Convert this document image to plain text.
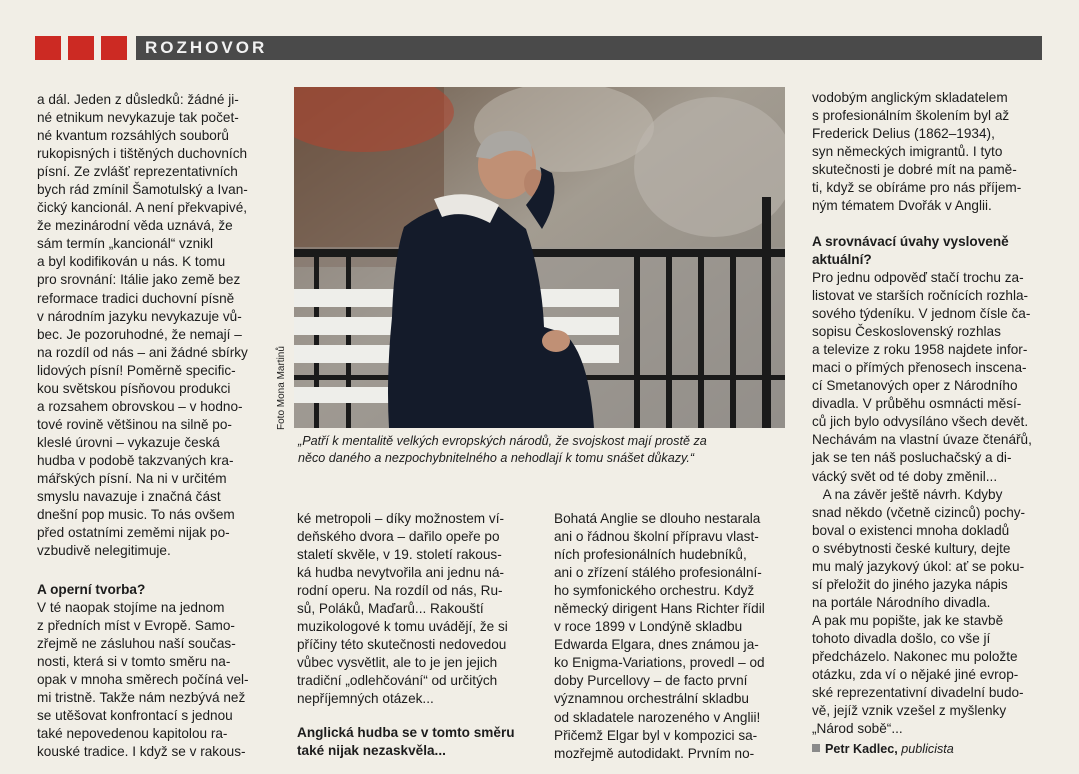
ROZHOVOR
Foto Mona Martinů
„Patří k mentalitě velkých evropských národů, že svojskost mají prostě za
něco daného a nezpochybnitelného a nehodlají k tomu snášet důkazy.“
a dál. Jeden z důsledků: žádné ji-
né etnikum nevykazuje tak počet-
né kvantum rozsáhlých souborů
rukopisných i tištěných duchovních
písní. Ze zvlášť reprezentativních
bych rád zmínil Šamotulský a Ivan-
čický kancionál. A není překvapivé,
že mezinárodní věda uznává, že
sám termín „kancionál“ vznikl
a byl kodifikován u nás. K tomu
pro srovnání: Itálie jako země bez
reformace tradici duchovní písně
v národním jazyku nevykazuje vů-
bec. Je pozoruhodné, že nemají –
na rozdíl od nás – ani žádné sbírky
lidových písní! Poměrně specific-
kou světskou písňovou produkci
a rozsahem obrovskou – v hodno-
tové rovině většinou na silně po-
kleslé úrovni – vykazuje česká
hudba v podobě takzvaných kra-
mářských písní. Na ni v určitém
smyslu navazuje i značná část
dnešní pop music. To nás ovšem
před ostatními zeměmi nijak po-
vzbudivě nelegitimuje.
A operní tvorba?
V té naopak stojíme na jednom
z předních míst v Evropě. Samo-
zřejmě ne zásluhou naší součas-
nosti, která si v tomto směru na-
opak v mnoha směrech počíná vel-
mi tristně. Takže nám nezbývá než
se utěšovat konfrontací s jednou
také nepovedenou kapitolou ra-
kouské tradice. I když se v rakous-
ké metropoli – díky možnostem ví-
deňského dvora – dařilo opeře po
staletí skvěle, v 19. století rakous-
ká hudba nevytvořila ani jednu ná-
rodní operu. Na rozdíl od nás, Ru-
sů, Poláků, Maďarů... Rakouští
muzikologové k tomu uvádějí, že si
příčiny této skutečnosti nedovedou
vůbec vysvětlit, ale to je jen jejich
tradiční „odlehčování“ od určitých
nepříjemných otázek...
Anglická hudba se v tomto směru
také nijak nezaskvěla...
Bohatá Anglie se dlouho nestarala
ani o řádnou školní přípravu vlast-
ních profesionálních hudebníků,
ani o zřízení stálého profesionální-
ho symfonického orchestru. Když
německý dirigent Hans Richter řídil
v roce 1899 v Londýně skladbu
Edwarda Elgara, dnes známou ja-
ko Enigma-Variations, provedl – od
doby Purcellovy – de facto první
významnou orchestrální skladbu
od skladatele narozeného v Anglii!
Přičemž Elgar byl v kompozici sa-
mozřejmě autodidakt. Prvním no-
vodobým anglickým skladatelem
s profesionálním školením byl až
Frederick Delius (1862–1934),
syn německých imigrantů. I tyto
skutečnosti je dobré mít na pamě-
ti, když se obíráme pro nás příjem-
ným tématem Dvořák v Anglii.
A srovnávací úvahy vysloveně
aktuální?
Pro jednu odpověď stačí trochu za-
listovat ve starších ročnících rozhla-
sového týdeníku. V jednom čísle ča-
sopisu Československý rozhlas
a televize z roku 1958 najdete infor-
maci o přímých přenosech inscena-
cí Smetanových oper z Národního
divadla. V průběhu osmnácti měsí-
ců jich bylo odvysíláno všech devět.
Nechávám na vlastní úvaze čtenářů,
jak se ten náš posluchačský a di-
vácký svět od té doby změnil...
A na závěr ještě návrh. Kdyby
snad někdo (včetně cizinců) pochy-
boval o existenci mnoha dokladů
o svébytnosti české kultury, dejte
mu malý jazykový úkol: ať se poku-
sí přeložit do jiného jazyka nápis
na portále Národního divadla.
A pak mu popište, jak ke stavbě
tohoto divadla došlo, co vše jí
předcházelo. Nakonec mu položte
otázku, zda ví o nějaké jiné evrop-
ské reprezentativní divadelní budo-
vě, jejíž vznik vzešel z myšlenky
„Národ sobě“...
Petr Kadlec, publicista
